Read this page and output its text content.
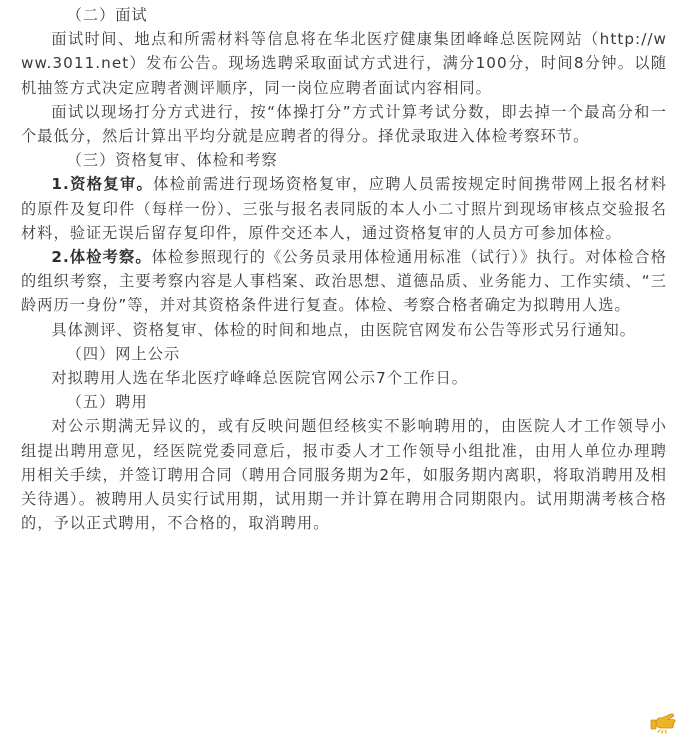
（二）面试

面试时间、地点和所需材料等信息将在华北医疗健康集团峰峰总医院网站（http://www.3011.net）发布公告。现场选聘采取面试方式进行，满分100分，时间8分钟。以随机抽签方式决定应聘者测评顺序，同一岗位应聘者面试内容相同。

面试以现场打分方式进行，按“体操打分”方式计算考试分数，即去掉一个最高分和一个最低分，然后计算出平均分就是应聘者的得分。择优录取进入体检考察环节。

（三）资格复审、体检和考察

1.资格复审。体检前需进行现场资格复审，应聘人员需按规定时间携带网上报名材料的原件及复印件（每样一份）、三张与报名表同版的本人小二寸照片到现场审核点交验报名材料，验证无误后留存复印件，原件交还本人，通过资格复审的人员方可参加体检。

2.体检考察。体检参照现行的《公务员录用体检通用标准（试行）》执行。对体检合格的组织考察，主要考察内容是人事档案、政治思想、道德品质、业务能力、工作实绩、“三龄两历一身份”等，并对其资格条件进行复查。体检、考察合格者确定为拟聘用人选。

具体测评、资格复审、体检的时间和地点，由医院官网发布公告等形式另行通知。

（四）网上公示

对拟聘用人选在华北医疗峰峰总医院官网公示7个工作日。

（五）聘用

对公示期满无异议的，或有反映问题但经核实不影响聘用的，由医院人才工作领导小组提出聘用意见，经医院党委同意后，报市委人才工作领导小组批准，由用人单位办理聘用相关手续，并签订聘用合同（聘用合同服务期为2年，如服务期内离职，将取消聘用及相关待遇）。被聘用人员实行试用期，试用期一并计算在聘用合同期限内。试用期满考核合格的，予以正式聘用，不合格的，取消聘用。
